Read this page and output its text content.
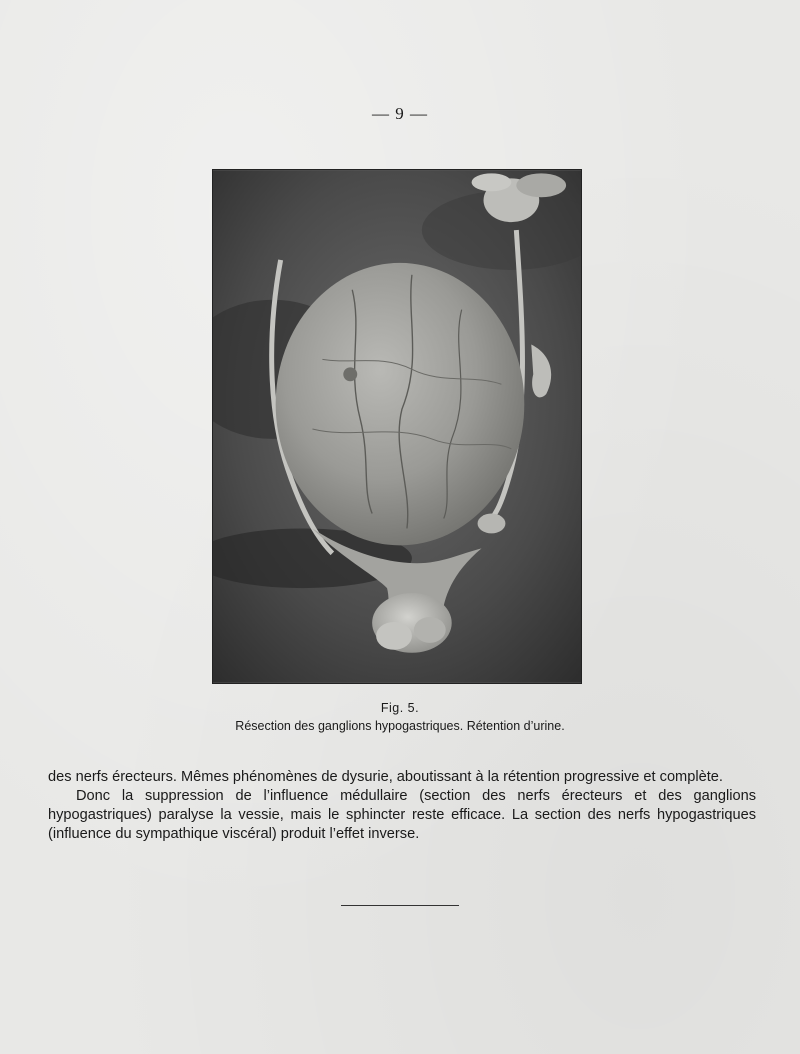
— 9 —
Fig. 5.
Résection des ganglions hypogastriques. Rétention d’urine.

des nerfs érecteurs. Mêmes phénomènes de dysurie, aboutissant à la rétention progressive et complète.

Donc la suppression de l’influence médullaire (section des nerfs érecteurs et des ganglions hypogastriques) paralyse la vessie, mais le sphincter reste efficace. La section des nerfs hypogastriques (influence du sympathique viscéral) produit l’effet inverse.
